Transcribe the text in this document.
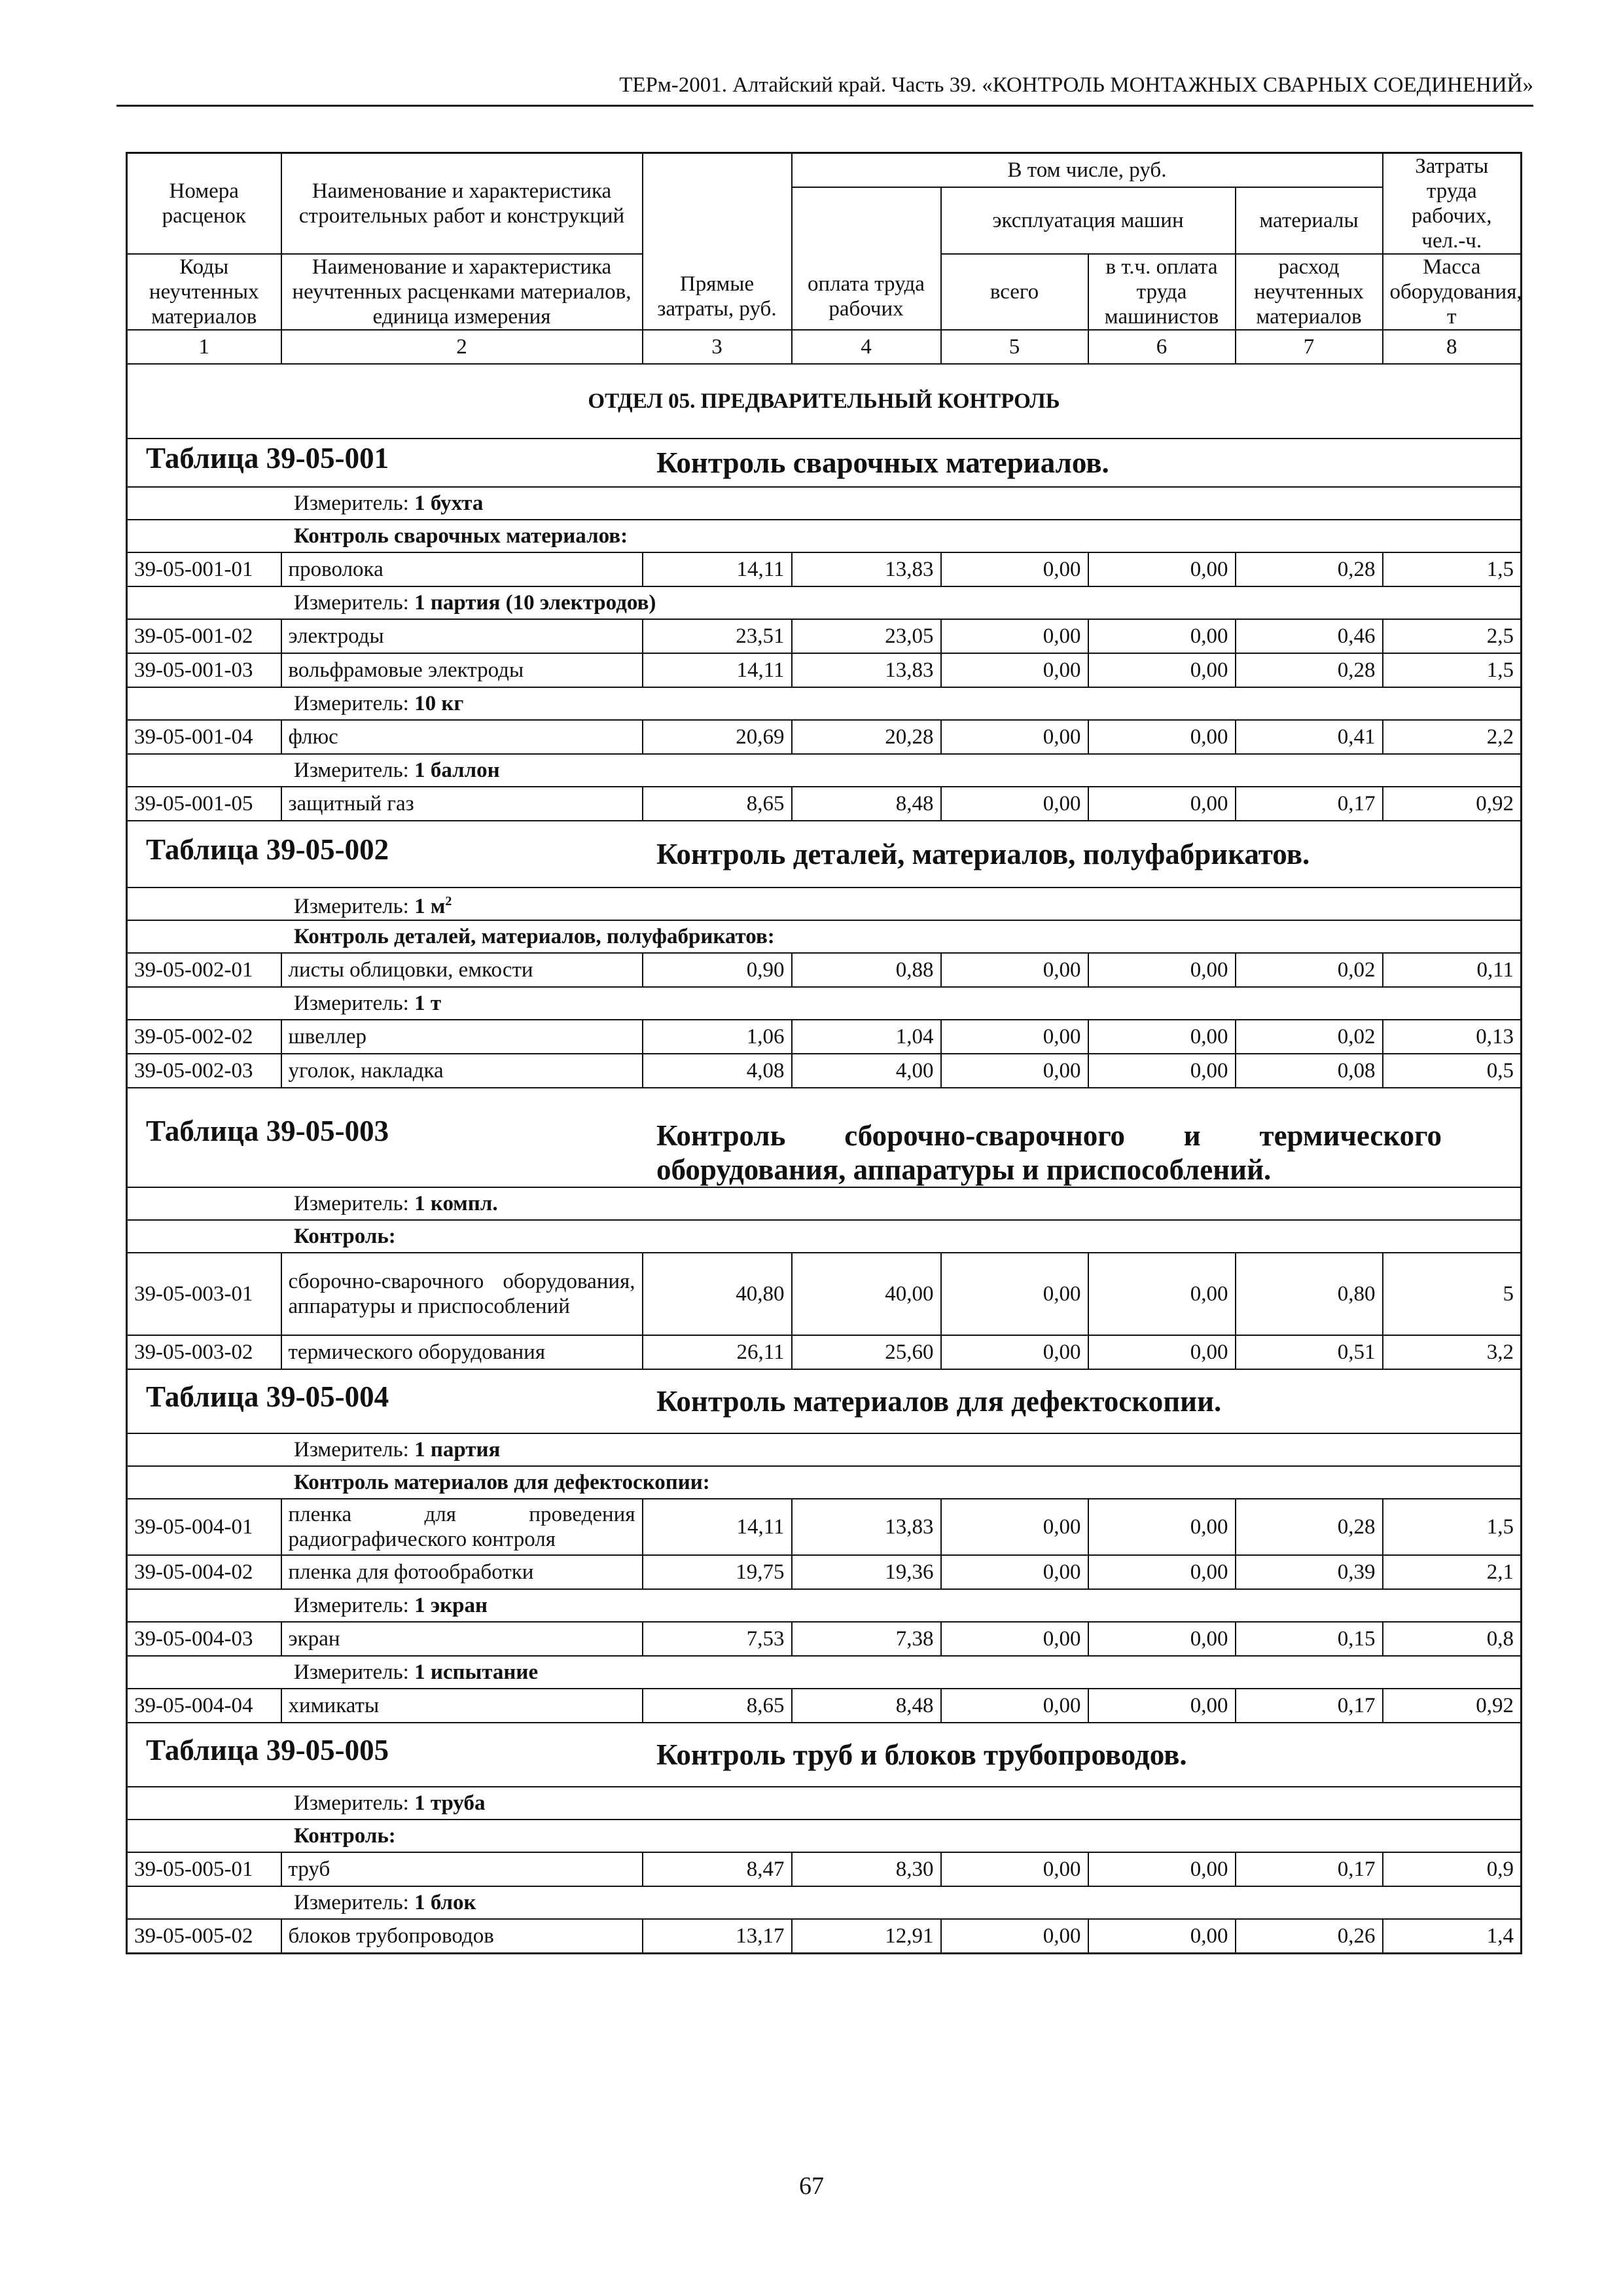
ТЕРм-2001. Алтайский край. Часть 39. «КОНТРОЛЬ МОНТАЖНЫХ СВАРНЫХ СОЕДИНЕНИЙ»
Номера расценок	Наименование и характеристика строительных работ и конструкций	Прямые затраты, руб.	В том числе, руб.				Затраты труда рабочих, чел.-ч.
			оплата труда рабочих	эксплуатация машин		материалы	
Коды неучтенных материалов	Наименование и характеристика неучтенных расценками материалов, единица измерения			всего	в т.ч. оплата труда машинистов	расход неучтенных материалов	Масса оборудования, т
1	2	3	4	5	6	7	8
ОТДЕЛ 05. ПРЕДВАРИТЕЛЬНЫЙ КОНТРОЛЬ							

Таблица 39-05-001 Контроль сварочных материалов.							

Измеритель: 1 бухта							
Контроль сварочных материалов:							
39-05-001-01	проволока	14,11	13,83	0,00	0,00	0,28	1,5
Измеритель: 1 партия (10 электродов)							
39-05-001-02	электроды	23,51	23,05	0,00	0,00	0,46	2,5
39-05-001-03	вольфрамовые электроды	14,11	13,83	0,00	0,00	0,28	1,5
Измеритель: 10 кг							
39-05-001-04	флюс	20,69	20,28	0,00	0,00	0,41	2,2
Измеритель: 1 баллон							
39-05-001-05	защитный газ	8,65	8,48	0,00	0,00	0,17	0,92

Таблица 39-05-002 Контроль деталей, материалов, полуфабрикатов.							

Измеритель: 1 $м^2$
Контроль деталей, материалов, полуфабрикатов:							
39-05-002-01	листы облицовки, емкости	0,90	0,88	0,00	0,00	0,02	0,11
Измеритель: 1 т							
39-05-002-02	швеллер	1,06	1,04	0,00	0,00	0,02	0,13
39-05-002-03	уголок, накладка	4,08	4,00	0,00	0,00	0,08	0,5

Таблица 39-05-003 Контроль сборочно-сварочного и термического оборудования, аппаратуры и приспособлений.							

Измеритель: 1 компл.							
Контроль:							
39-05-003-01	сборочно-сварочного оборудования, аппаратуры и приспособлений	40,80	40,00	0,00	0,00	0,80	5
39-05-003-02	термического оборудования	26,11	25,60	0,00	0,00	0,51	3,2

Таблица 39-05-004 Контроль материалов для дефектоскопии.							

Измеритель: 1 партия							
Контроль материалов для дефектоскопии:							
39-05-004-01	пленка для проведения радиографического контроля	14,11	13,83	0,00	0,00	0,28	1,5
39-05-004-02	пленка для фотообработки	19,75	19,36	0,00	0,00	0,39	2,1
Измеритель: 1 экран							
39-05-004-03	экран	7,53	7,38	0,00	0,00	0,15	0,8
Измеритель: 1 испытание							
39-05-004-04	химикаты	8,65	8,48	0,00	0,00	0,17	0,92

Таблица 39-05-005 Контроль труб и блоков трубопроводов.							

Измеритель: 1 труба							
Контроль:							
39-05-005-01	труб	8,47	8,30	0,00	0,00	0,17	0,9
Измеритель: 1 блок							
39-05-005-02	блоков трубопроводов	13,17	12,91	0,00	0,00	0,26	1,4
67
